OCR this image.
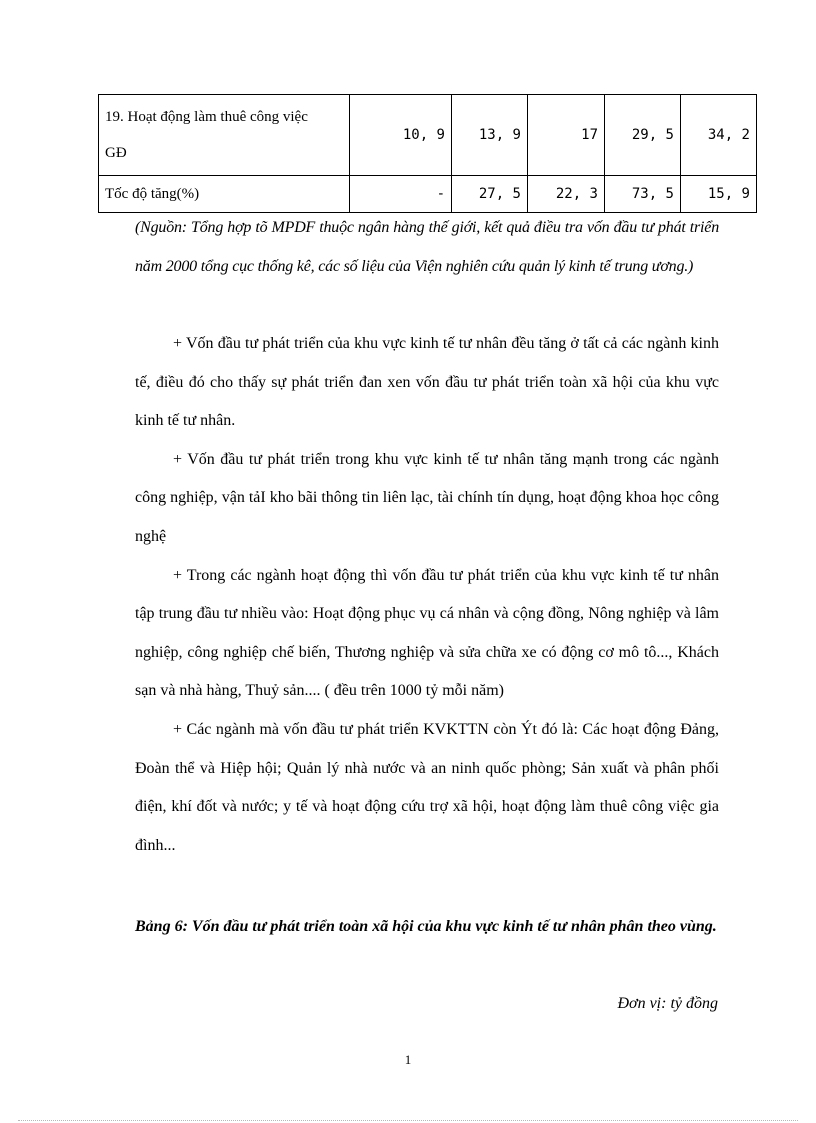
19. Hoạt động làm thuê công việc
GĐ	10, 9	13, 9	17	29, 5	34, 2
Tốc độ tăng(%)	-	27, 5	22, 3	73, 5	15, 9
(Nguồn: Tổng hợp tõ MPDF thuộc ngân hàng thế giới, kết quả điều tra vốn đầu tư phát triển năm 2000 tổng cục thống kê, các số liệu của Viện nghiên cứu quản lý kinh tế trung ương.)

+ Vốn đầu tư phát triển của khu vực kinh tế tư nhân đều tăng ở tất cả các ngành kinh tế, điều đó cho thấy sự phát triển đan xen vốn đầu tư phát triển toàn xã hội của khu vực kinh tế tư nhân.

+ Vốn đầu tư phát triển trong khu vực kinh tế tư nhân tăng mạnh trong các ngành công nghiệp, vận tảI kho bãi thông tin liên lạc, tài chính tín dụng, hoạt động khoa học công nghệ

+ Trong các ngành hoạt động thì vốn đầu tư phát triển của khu vực kinh tế tư nhân tập trung đầu tư nhiều vào: Hoạt động phục vụ cá nhân và cộng đồng, Nông nghiệp và lâm nghiệp, công nghiệp chế biến, Thương nghiệp và sửa chữa xe có động cơ mô tô..., Khách sạn và nhà hàng, Thuỷ sản.... ( đều trên 1000 tỷ mỗi năm)

+ Các ngành mà vốn đầu tư phát triển KVKTTN còn Ýt đó là: Các hoạt động Đảng, Đoàn thể và Hiệp hội; Quản lý nhà nước và an ninh quốc phòng; Sản xuất và phân phối điện, khí đốt và nước; y tế và hoạt động cứu trợ xã hội, hoạt động làm thuê công việc gia đình...

Bảng 6: Vốn đầu tư phát triển toàn xã hội của khu vực kinh tế tư nhân phân theo vùng.
Đơn vị: tỷ đồng
1
